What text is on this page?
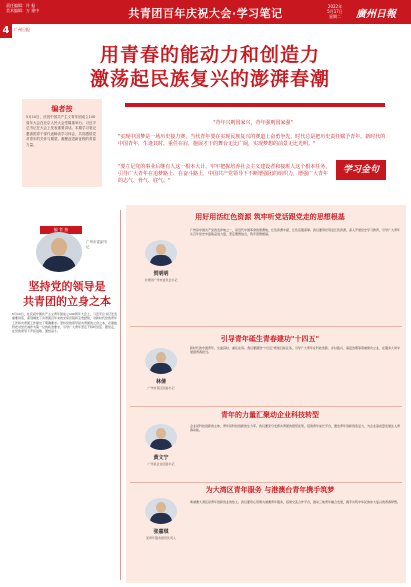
责任编辑：许 振
美术编辑：万 建中	共青团百年庆祝大会·学习笔记
2022年
5月17日
星期二	廣州日報
4	广州日报
用青春的能动力和创造力
激荡起民族复兴的澎湃春潮
编者按

5月10日，庆祝中国共产主义青年团成立100周年大会在北京人民大会堂隆重举行。习近平总书记在大会上发表重要讲话。本期学习笔记邀请团青干部代表畅谈学习体会，共同感悟党对青年的关怀与期望，凝聚奋进新征程的青春力量。

"青年兴则国家兴，青年强则国家强"

"实现中国梦是一场历史接力赛，当代青年要在实现民族复兴的赛道上奋勇争先。时代总是把历史责任赋予青年。新时代的中国青年，生逢其时、重任在肩，施展才干的舞台无比广阔，实现梦想的前景无比光明。"

"要立足党的事业后继有人这一根本大计，牢牢把握培养社会主义建设者和接班人这个根本任务，引导广大青年在追梦路上、在奋斗路上，中国共产党领导下不断增强团的组织力，增强广大青年的志气、骨气、底气。"

学习金句
编 者 按

广州市委副书记

坚持党的领导是
共青团的立身之本

5月10日，在庆祝中国共产主义青年团成立100周年大会上，习近平总书记发表重要讲话，深刻阐述了共青团百年来的光荣历程和宝贵经验，对新时代党的青年工作和共青团工作提出了明确要求。坚持党的领导是共青团的立身之本，必须始终把对党忠诚作为第一位的政治要求，引导广大青年坚定不移听党话、跟党走，在党的领导下开拓进取、团结奋斗。

用好用活红色资源 筑牢听党话跟党走的思想根基
贺明明

共青团广州市委员会书记

广州是中国共产党的发祥地之一，是近代中国革命的策源地，红色资源丰富、红色底蕴深厚。我们要用好用活红色资源，深入开展党史学习教育，引导广大青年从百年党史中汲取奋进力量，坚定理想信念，筑牢思想根基。

引导青年砥生青春建功"十四五"
林倩

广州市某区团委书记

新时代的中国青年，生逢其时、重任在肩。我们要围绕"十四五"规划目标任务，引导广大青年在科技创新、乡村振兴、基层治理等领域建功立业，在服务大局中展现青春担当。

青年的力量汇聚动企业科技转型
黄文宁

广州某企业团委书记

企业是科技创新的主体，青年是科技创新的生力军。我们要充分发挥共青团的组织优势，搭建青年成长平台，激发青年创新创造活力，为企业高质量发展注入青春动能。

为大湾区青年服务 与港澳台青年携手筑梦
张嘉琪

某青年服务组织负责人

粤港澳大湾区是青年创新创业的热土。我们要用心用情为港澳青年服务，搭建交流合作平台，推动三地青年融合发展，携手共筑中华民族伟大复兴的青春梦想。
